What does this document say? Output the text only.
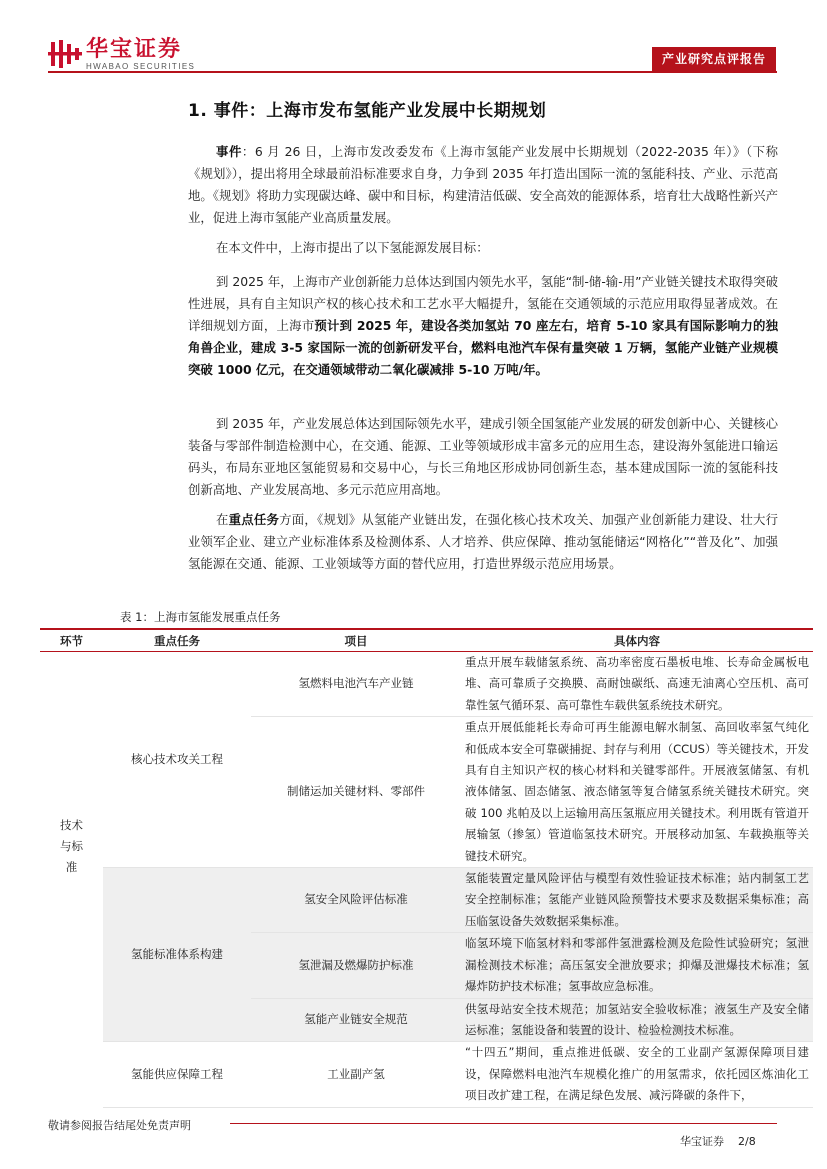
华宝证券
HWABAO SECURITIES	产业研究点评报告
1. 事件：上海市发布氢能产业发展中长期规划
事件：6 月 26 日，上海市发改委发布《上海市氢能产业发展中长期规划（2022-2035 年）》（下称《规划》），提出将用全球最前沿标准要求自身，力争到 2035 年打造出国际一流的氢能科技、产业、示范高地。《规划》将助力实现碳达峰、碳中和目标，构建清洁低碳、安全高效的能源体系，培育壮大战略性新兴产业，促进上海市氢能产业高质量发展。
在本文件中，上海市提出了以下氢能源发展目标：
到 2025 年，上海市产业创新能力总体达到国内领先水平，氢能“制-储-输-用”产业链关键技术取得突破性进展，具有自主知识产权的核心技术和工艺水平大幅提升，氢能在交通领域的示范应用取得显著成效。在详细规划方面，上海市预计到 2025 年，建设各类加氢站 70 座左右，培育 5-10 家具有国际影响力的独角兽企业，建成 3-5 家国际一流的创新研发平台，燃料电池汽车保有量突破 1 万辆，氢能产业链产业规模突破 1000 亿元，在交通领域带动二氧化碳减排 5-10 万吨/年。
到 2035 年，产业发展总体达到国际领先水平，建成引领全国氢能产业发展的研发创新中心、关键核心装备与零部件制造检测中心，在交通、能源、工业等领域形成丰富多元的应用生态，建设海外氢能进口输运码头，布局东亚地区氢能贸易和交易中心，与长三角地区形成协同创新生态，基本建成国际一流的氢能科技创新高地、产业发展高地、多元示范应用高地。
在重点任务方面，《规划》从氢能产业链出发，在强化核心技术攻关、加强产业创新能力建设、壮大行业领军企业、建立产业标准体系及检测体系、人才培养、供应保障、推动氢能储运“网格化”“普及化”、加强氢能源在交通、能源、工业领域等方面的替代应用，打造世界级示范应用场景。
表 1：上海市氢能发展重点任务
环节	重点任务	项目	具体内容

技术
与标
准	核心技术攻关工程	氢燃料电池汽车产业链	重点开展车载储氢系统、高功率密度石墨板电堆、长寿命金属板电堆、高可靠质子交换膜、高耐蚀碳纸、高速无油离心空压机、高可靠性氢气循环泵、高可靠性车载供氢系统技术研究。
		制储运加关键材料、零部件	重点开展低能耗长寿命可再生能源电解水制氢、高回收率氢气纯化和低成本安全可靠碳捕捉、封存与利用（CCUS）等关键技术，开发具有自主知识产权的核心材料和关键零部件。开展液氢储氢、有机液体储氢、固态储氢、液态储氢等复合储氢系统关键技术研究。突破 100 兆帕及以上运输用高压氢瓶应用关键技术。利用既有管道开展输氢（掺氢）管道临氢技术研究。开展移动加氢、车载换瓶等关键技术研究。
	氢能标准体系构建	氢安全风险评估标准	氢能装置定量风险评估与模型有效性验证技术标准；站内制氢工艺安全控制标准；氢能产业链风险预警技术要求及数据采集标准；高压临氢设备失效数据采集标准。
		氢泄漏及燃爆防护标准	临氢环境下临氢材料和零部件氢泄露检测及危险性试验研究；氢泄漏检测技术标准；高压氢安全泄放要求；抑爆及泄爆技术标准；氢爆炸防护技术标准；氢事故应急标准。
		氢能产业链安全规范	供氢母站安全技术规范；加氢站安全验收标准；液氢生产及安全储运标准；氢能设备和装置的设计、检验检测技术标准。
	氢能供应保障工程	工业副产氢	“十四五”期间，重点推进低碳、安全的工业副产氢源保障项目建设，保障燃料电池汽车规模化推广的用氢需求，依托园区炼油化工项目改扩建工程，在满足绿色发展、减污降碳的条件下，
敬请参阅报告结尾处免责声明
华宝证券 2/8
